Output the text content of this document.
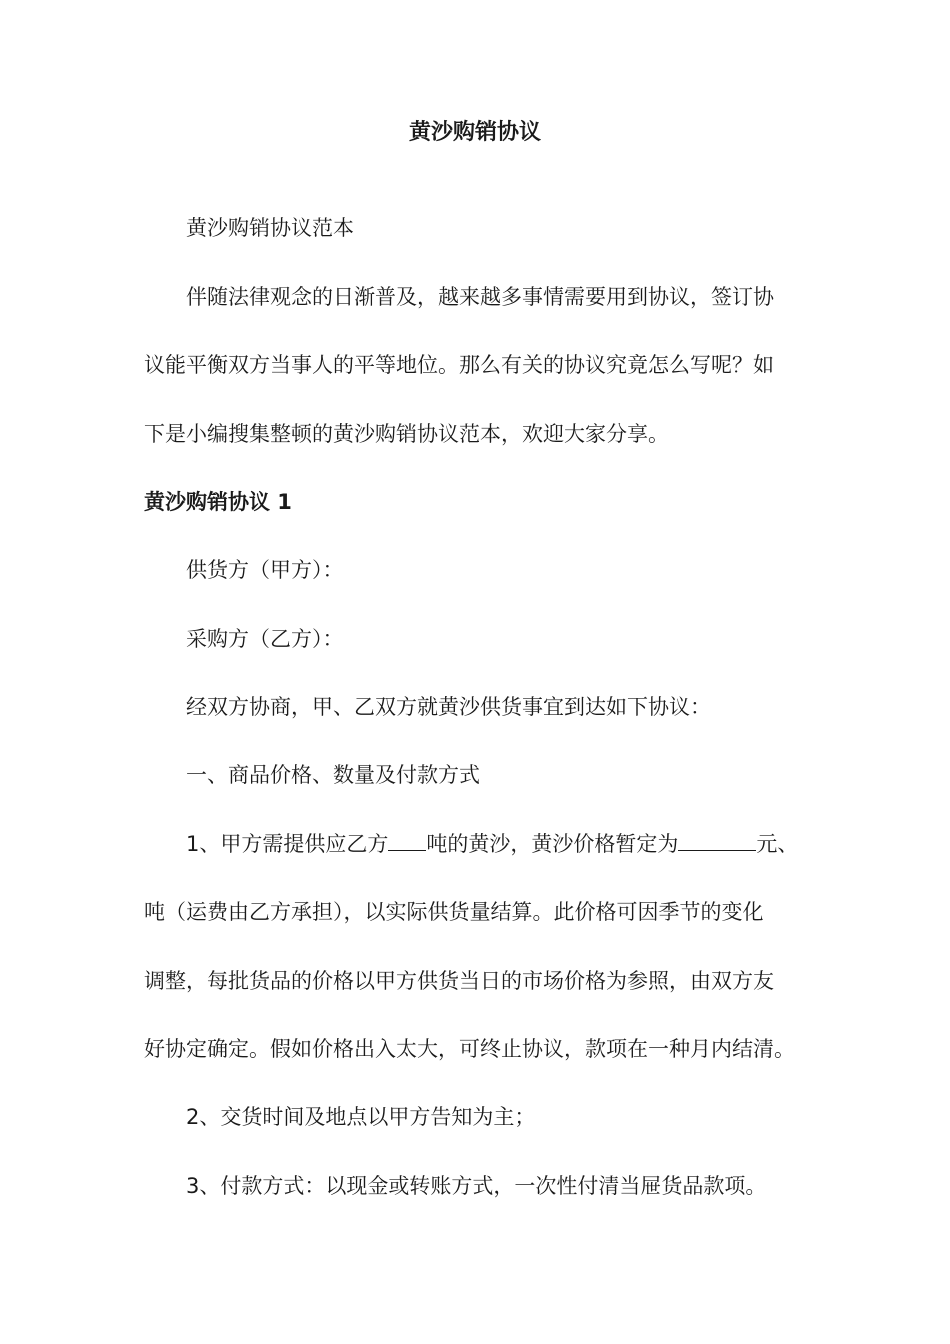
黄沙购销协议
黄沙购销协议范本
伴随法律观念的日渐普及，越来越多事情需要用到协议，签订协
议能平衡双方当事人的平等地位。那么有关的协议究竟怎么写呢？如
下是小编搜集整顿的黄沙购销协议范本，欢迎大家分享。
黄沙购销协议 1
供货方（甲方）：
采购方（乙方）：
经双方协商，甲、乙双方就黄沙供货事宜到达如下协议：
一、商品价格、数量及付款方式
1、甲方需提供应乙方 吨的黄沙，黄沙价格暂定为	元、
吨（运费由乙方承担），以实际供货量结算。此价格可因季节的变化
调整，每批货品的价格以甲方供货当日的市场价格为参照，由双方友
好协定确定。假如价格出入太大，可终止协议，款项在一种月内结清。
2、交货时间及地点以甲方告知为主；
3、付款方式：以现金或转账方式，一次性付清当屉货品款项。
